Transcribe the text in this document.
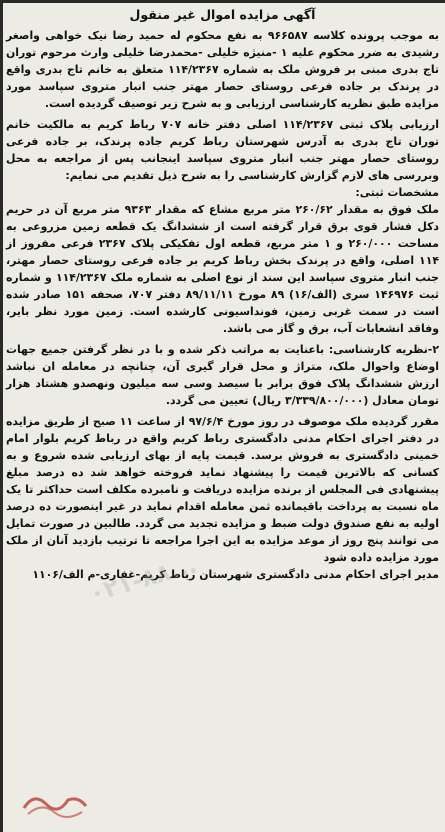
آگهی مزایده اموال غیر منقول

به موجب پرونده کلاسه ۹۶۶۵۸۷ به نفع محکوم له حمید رضا نیک خواهی واصغر رشیدی به ضرر محکوم علیه ۱ -منیژه خلیلی -محمدرضا خلیلی وارث مرحوم توران تاج بدری مبنی بر فروش ملک به شماره ۱۱۴/۲۳۶۷ متعلق به خانم تاج بدری واقع در پرندک بر جاده فرعی روستای حصار مهتر جنب انبار متروی سپاسد مورد مزایده طبق نظریه کارشناسی ارزیابی و به شرح زیر توصیف گردیده است.

ارزیابی پلاک ثبتی ۱۱۴/۲۳۶۷ اصلی دفتر خانه ۷۰۷ رباط کریم به مالکیت خانم توران تاج بدری به آدرس شهرستان رباط کریم جاده پرندک، بر جاده فرعی روستای حصار مهتر جنب انبار متروی سپاسد اینجانب پس از مراجعه به محل وبررسی های لازم گزارش کارشناسی را به شرح ذیل تقدیم می نمایم:

مشخصات ثبتی:

ملک فوق به مقدار ۲۶۰/۶۲ متر مربع مشاع که مقدار ۹۳۶۳ متر مربع آن در حریم دکل فشار قوی برق قرار گرفته است از ششدانگ یک قطعه زمین مزروعی به مساحت ۲۶۰/۰۰۰ و ۱ متر مربع، قطعه اول تفکیکی پلاک ۲۳۶۷ فرعی مفروز از ۱۱۴ اصلی، واقع در پرندک بخش رباط کریم بر جاده فرعی روستای حصار مهتر، جنب انبار متروی سپاسد این سند از نوع اصلی به شماره ملک ۱۱۴/۲۳۶۷ و شماره ثبت ۱۴۶۹۷۶ سری (الف/۱۶) ۸۹ مورخ ۸۹/۱۱/۱۱ دفتر ۷۰۷، صحفه ۱۵۱ صادر شده است در سمت غربی زمین، فونداسیونی کارشده است. زمین مورد نظر بایر، وفاقد انشعابات آب، برق و گاز می باشد.

۲-نظریه کارشناسی: باعنایت به مراتب ذکر شده و با در نظر گرفتن جمیع جهات اوضاع واحوال ملک، متراژ و محل قرار گیری آن، چنانچه در معامله ان نباشد ارزش ششدانگ پلاک فوق برابر با سیصد وسی سه میلیون ونهصدو هشتاد هزار تومان معادل (۳/۳۳۹/۸۰۰/۰۰۰ ریال) تعیین می گردد.

مقرر گردیده ملک موصوف در روز مورخ ۹۷/۶/۴ از ساعت ۱۱ صبح از طریق مزایده در دفتر اجرای احکام مدنی دادگستری رباط کریم واقع در رباط کریم بلوار امام خمینی دادگستری به فروش برسد. قیمت پایه از بهای ارزیابی شده شروع و به کسانی که بالاترین قیمت را پیشنهاد نماید فروخته خواهد شد ده درصد مبلغ پیشنهادی فی المجلس از برنده مزایده دریافت و نامبرده مکلف است حداکثر تا یک ماه نسبت به پرداخت باقیمانده ثمن معامله اقدام نماید در غیر اینصورت ده درصد اولیه به نفع صندوق دولت ضبط و مزایده تجدید می گردد. طالبین در صورت تمایل می توانند پنج روز از موعد مزایده به این اجرا مراجعه تا ترتیب بازدید آنان از ملک مورد مزایده داده شود

مدیر اجرای احکام مدنی دادگستری شهرستان رباط کریم-غفاری-م الف/۱۱۰۶

۰۲۱-۸۸...
